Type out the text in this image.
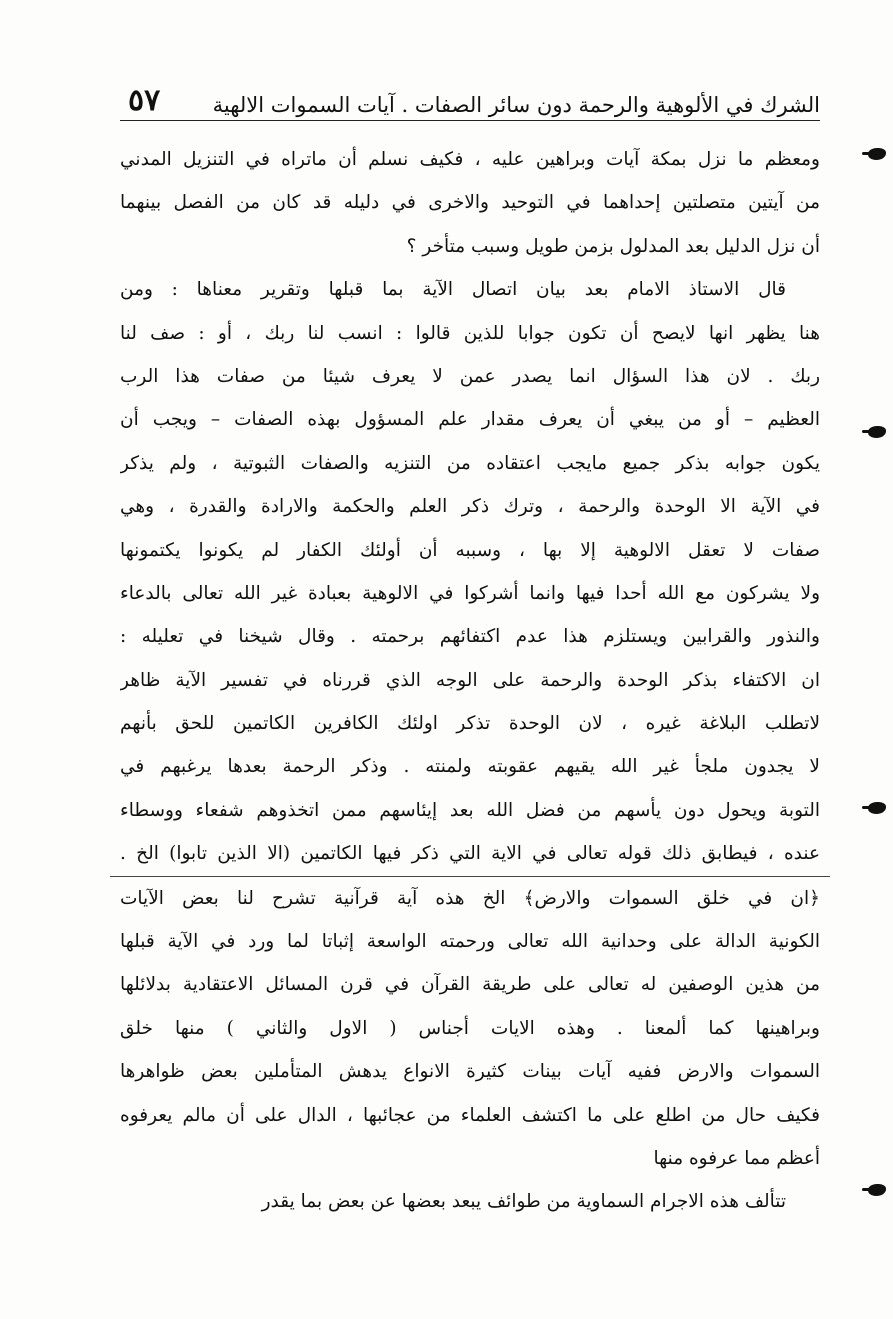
الشرك في الألوهية والرحمة دون سائر الصفات . آيات السموات الالهية
٥٧
ومعظم ما نزل بمكة آيات وبراهين عليه ، فكيف نسلم أن ماتراه في التنزيل المدني
من آيتين متصلتين إحداهما في التوحيد والاخرى في دليله قد كان من الفصل بينهما
أن نزل الدليل بعد المدلول بزمن طويل وسبب متأخر ؟
قال الاستاذ الامام بعد بيان اتصال الآية بما قبلها وتقرير معناها : ومن
هنا يظهر انها لايصح أن تكون جوابا للذين قالوا : انسب لنا ربك ، أو : صف لنا
ربك . لان هذا السؤال انما يصدر عمن لا يعرف شيئا من صفات هذا الرب
العظيم – أو من يبغي أن يعرف مقدار علم المسؤول بهذه الصفات – ويجب أن
يكون جوابه بذكر جميع مايجب اعتقاده من التنزيه والصفات الثبوتية ، ولم يذكر
في الآية الا الوحدة والرحمة ، وترك ذكر العلم والحكمة والارادة والقدرة ، وهي
صفات لا تعقل الالوهية إلا بها ، وسببه أن أولئك الكفار لم يكونوا يكتمونها
ولا يشركون مع الله أحدا فيها وانما أشركوا في الالوهية بعبادة غير الله تعالى بالدعاء
والنذور والقرابين ويستلزم هذا عدم اكتفائهم برحمته . وقال شيخنا في تعليله :
ان الاكتفاء بذكر الوحدة والرحمة على الوجه الذي قررناه في تفسير الآية ظاهر
لاتطلب البلاغة غيره ، لان الوحدة تذكر اولئك الكافرين الكاتمين للحق بأنهم
لا يجدون ملجأ غير الله يقيهم عقوبته ولمنته . وذكر الرحمة بعدها يرغبهم في
التوبة ويحول دون يأسهم من فضل الله بعد إيئاسهم ممن اتخذوهم شفعاء ووسطاء
عنده ، فيطابق ذلك قوله تعالى في الاية التي ذكر فيها الكاتمين (الا الذين تابوا) الخ .
﴿ان في خلق السموات والارض﴾ الخ هذه آية قرآنية تشرح لنا بعض الآيات
الكونية الدالة على وحدانية الله تعالى ورحمته الواسعة إثباتا لما ورد في الآية قبلها
من هذين الوصفين له تعالى على طريقة القرآن في قرن المسائل الاعتقادية بدلائلها
وبراهينها كما ألمعنا . وهذه الايات أجناس ( الاول والثاني ) منها خلق
السموات والارض ففيه آيات بينات كثيرة الانواع يدهش المتأملين بعض ظواهرها
فكيف حال من اطلع على ما اكتشف العلماء من عجائبها ، الدال على أن مالم يعرفوه
أعظم مما عرفوه منها
تتألف هذه الاجرام السماوية من طوائف يبعد بعضها عن بعض بما يقدر
